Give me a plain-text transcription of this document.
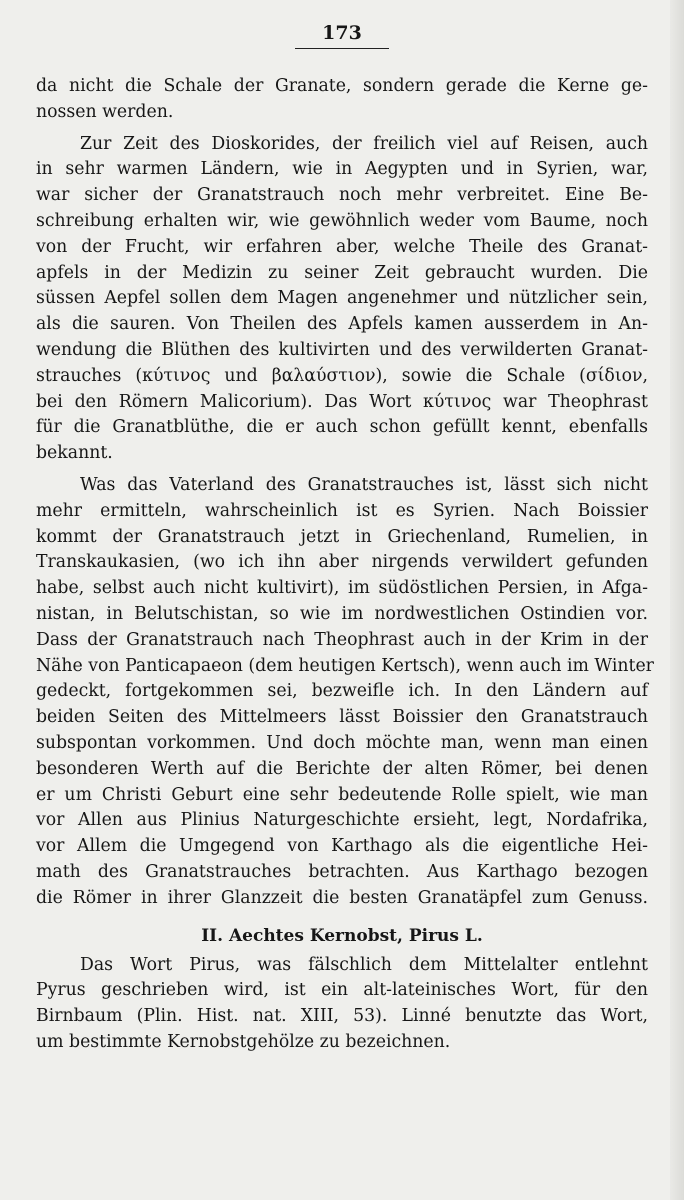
173
da nicht die Schale der Granate, sondern gerade die Kerne ge-
nossen werden.
Zur Zeit des Dioskorides, der freilich viel auf Reisen, auch
in sehr warmen Ländern, wie in Aegypten und in Syrien, war,
war sicher der Granatstrauch noch mehr verbreitet. Eine Be-
schreibung erhalten wir, wie gewöhnlich weder vom Baume, noch
von der Frucht, wir erfahren aber, welche Theile des Granat-
apfels in der Medizin zu seiner Zeit gebraucht wurden. Die
süssen Aepfel sollen dem Magen angenehmer und nützlicher sein,
als die sauren. Von Theilen des Apfels kamen ausserdem in An-
wendung die Blüthen des kultivirten und des verwilderten Granat-
strauches (κύτινος und βαλαύστιον), sowie die Schale (σίδιον,
bei den Römern Malicorium). Das Wort κύτινος war Theophrast
für die Granatblüthe, die er auch schon gefüllt kennt, ebenfalls
bekannt.
Was das Vaterland des Granatstrauches ist, lässt sich nicht
mehr ermitteln, wahrscheinlich ist es Syrien. Nach Boissier
kommt der Granatstrauch jetzt in Griechenland, Rumelien, in
Transkaukasien, (wo ich ihn aber nirgends verwildert gefunden
habe, selbst auch nicht kultivirt), im südöstlichen Persien, in Afga-
nistan, in Belutschistan, so wie im nordwestlichen Ostindien vor.
Dass der Granatstrauch nach Theophrast auch in der Krim in der
Nähe von Panticapaeon (dem heutigen Kertsch), wenn auch im Winter
gedeckt, fortgekommen sei, bezweifle ich. In den Ländern auf
beiden Seiten des Mittelmeers lässt Boissier den Granatstrauch
subspontan vorkommen. Und doch möchte man, wenn man einen
besonderen Werth auf die Berichte der alten Römer, bei denen
er um Christi Geburt eine sehr bedeutende Rolle spielt, wie man
vor Allen aus Plinius Naturgeschichte ersieht, legt, Nordafrika,
vor Allem die Umgegend von Karthago als die eigentliche Hei-
math des Granatstrauches betrachten. Aus Karthago bezogen
die Römer in ihrer Glanzzeit die besten Granatäpfel zum Genuss.
II. Aechtes Kernobst, Pirus L.
Das Wort Pirus, was fälschlich dem Mittelalter entlehnt
Pyrus geschrieben wird, ist ein alt-lateinisches Wort, für den
Birnbaum (Plin. Hist. nat. XIII, 53). Linné benutzte das Wort,
um bestimmte Kernobstgehölze zu bezeichnen.
